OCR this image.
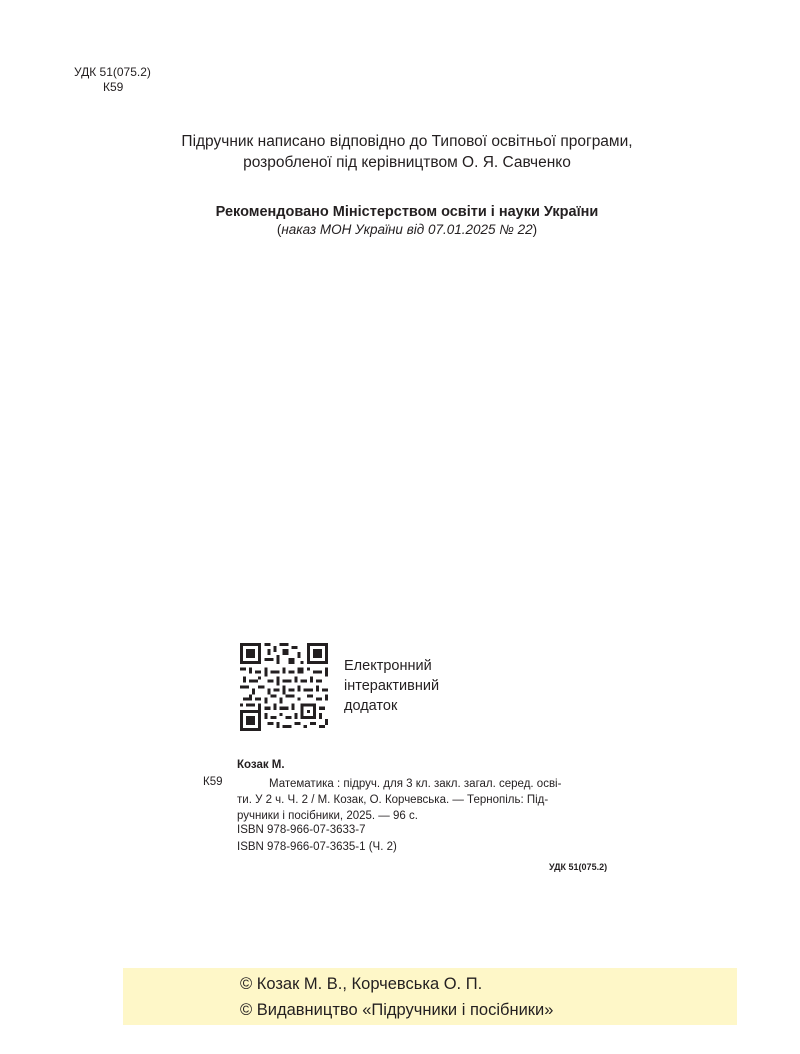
УДК 51(075.2)
К59
Підручник написано відповідно до Типової освітньої програми,
розробленої під керівництвом О. Я. Савченко
Рекомендовано Міністерством освіти і науки України
(наказ МОН України від 07.01.2025 № 22)
Електронний
інтерактивний
додаток
Козак М.
К59	Математика : підруч. для 3 кл. закл. загал. серед. осві-
ти. У 2 ч. Ч. 2 / М. Козак, О. Корчевська. — Тернопіль: Під-
ручники і посібники, 2025. — 96 с.
ISBN 978-966-07-3633-7
ISBN 978-966-07-3635-1 (Ч. 2)
УДК 51(075.2)
© Козак М. В., Корчевська О. П.
© Видавництво «Підручники і посібники»
